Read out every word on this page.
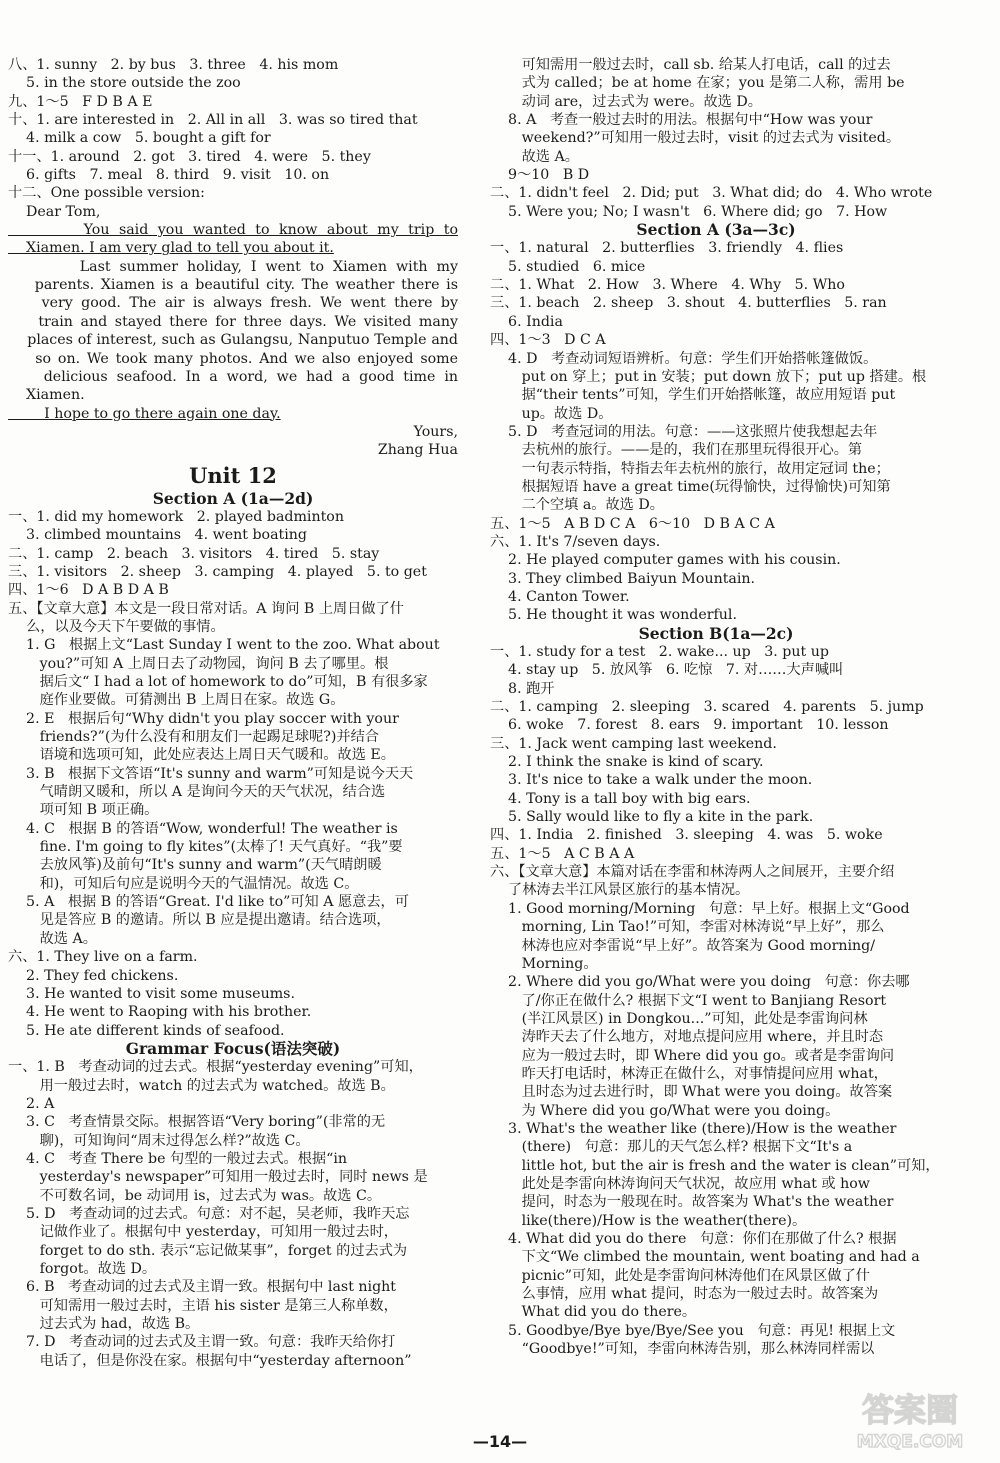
八、1. sunny   2. by bus   3. three   4. his mom
5. in the store outside the zoo
九、1～5   F D B A E
十、1. are interested in   2. All in all   3. was so tired that
4. milk a cow   5. bought a gift for
十一、1. around   2. got   3. tired   4. were   5. they
6. gifts   7. meal   8. third   9. visit   10. on
十二、One possible version:
Dear Tom,
You said you wanted to know about my trip to
Xiamen. I am very glad to tell you about it.
Last summer holiday, I went to Xiamen with my
parents. Xiamen is a beautiful city. The weather there is
very good. The air is always fresh. We went there by
train and stayed there for three days. We visited many
places of interest, such as Gulangsu, Nanputuo Temple and
so on. We took many photos. And we also enjoyed some
delicious seafood. In a word, we had a good time in
Xiamen.
I hope to go there again one day.
Yours,
Zhang Hua
Unit 12
Section A (1a—2d)
一、1. did my homework   2. played badminton
3. climbed mountains   4. went boating
二、1. camp   2. beach   3. visitors   4. tired   5. stay
三、1. visitors   2. sheep   3. camping   4. played   5. to get
四、1～6   D A B D A B
五、【文章大意】本文是一段日常对话。A 询问 B 上周日做了什
么，以及今天下午要做的事情。
1. G   根据上文“Last Sunday I went to the zoo. What about
you?”可知 A 上周日去了动物园，询问 B 去了哪里。根
据后文“ I had a lot of homework to do”可知，B 有很多家
庭作业要做。可猜测出 B 上周日在家。故选 G。
2. E   根据后句“Why didn't you play soccer with your
friends?”(为什么没有和朋友们一起踢足球呢?)并结合
语境和选项可知，此处应表达上周日天气暖和。故选 E。
3. B   根据下文答语“It's sunny and warm”可知是说今天天
气晴朗又暖和，所以 A 是询问今天的天气状况，结合选
项可知 B 项正确。
4. C   根据 B 的答语“Wow, wonderful! The weather is
fine. I'm going to fly kites”(太棒了! 天气真好。“我”要
去放风筝)及前句“It's sunny and warm”(天气晴朗暖
和)，可知后句应是说明今天的气温情况。故选 C。
5. A   根据 B 的答语“Great. I'd like to”可知 A 愿意去，可
见是答应 B 的邀请。所以 B 应是提出邀请。结合选项，
故选 A。
六、1. They live on a farm.
2. They fed chickens.
3. He wanted to visit some museums.
4. He went to Raoping with his brother.
5. He ate different kinds of seafood.
Grammar Focus(语法突破)
一、1. B   考查动词的过去式。根据“yesterday evening”可知，
用一般过去时，watch 的过去式为 watched。故选 B。
2. A
3. C   考查情景交际。根据答语“Very boring”(非常的无
聊)，可知询问“周末过得怎么样?”故选 C。
4. C   考查 There be 句型的一般过去式。根据“in
yesterday's newspaper”可知用一般过去时，同时 news 是
不可数名词，be 动词用 is，过去式为 was。故选 C。
5. D   考查动词的过去式。句意：对不起，吴老师，我昨天忘
记做作业了。根据句中 yesterday，可知用一般过去时，
forget to do sth. 表示“忘记做某事”，forget 的过去式为
forgot。故选 D。
6. B   考查动词的过去式及主谓一致。根据句中 last night
可知需用一般过去时，主语 his sister 是第三人称单数，
过去式为 had，故选 B。
7. D   考查动词的过去式及主谓一致。句意：我昨天给你打
电话了，但是你没在家。根据句中“yesterday afternoon”
可知需用一般过去时，call sb. 给某人打电话，call 的过去
式为 called；be at home 在家；you 是第二人称，需用 be
动词 are，过去式为 were。故选 D。
8. A   考查一般过去时的用法。根据句中“How was your
weekend?”可知用一般过去时，visit 的过去式为 visited。
故选 A。
9～10   B D
二、1. didn't feel   2. Did; put   3. What did; do   4. Who wrote
5. Were you; No; I wasn't   6. Where did; go   7. How
Section A (3a—3c)
一、1. natural   2. butterflies   3. friendly   4. flies
5. studied   6. mice
二、1. What   2. How   3. Where   4. Why   5. Who
三、1. beach   2. sheep   3. shout   4. butterflies   5. ran
6. India
四、1～3   D C A
4. D   考查动词短语辨析。句意：学生们开始搭帐篷做饭。
put on 穿上；put in 安装；put down 放下；put up 搭建。根
据“their tents”可知，学生们开始搭帐篷，故应用短语 put
up。故选 D。
5. D   考查冠词的用法。句意：——这张照片使我想起去年
去杭州的旅行。——是的，我们在那里玩得很开心。第
一句表示特指，特指去年去杭州的旅行，故用定冠词 the；
根据短语 have a great time(玩得愉快，过得愉快)可知第
二个空填 a。故选 D。
五、1～5   A B D C A   6～10   D B A C A
六、1. It's 7/seven days.
2. He played computer games with his cousin.
3. They climbed Baiyun Mountain.
4. Canton Tower.
5. He thought it was wonderful.
Section B(1a—2c)
一、1. study for a test   2. wake... up   3. put up
4. stay up   5. 放风筝   6. 吃惊   7. 对……大声喊叫
8. 跑开
二、1. camping   2. sleeping   3. scared   4. parents   5. jump
6. woke   7. forest   8. ears   9. important   10. lesson
三、1. Jack went camping last weekend.
2. I think the snake is kind of scary.
3. It's nice to take a walk under the moon.
4. Tony is a tall boy with big ears.
5. Sally would like to fly a kite in the park.
四、1. India   2. finished   3. sleeping   4. was   5. woke
五、1～5   A C B A A
六、【文章大意】本篇对话在李雷和林涛两人之间展开，主要介绍
了林涛去半江风景区旅行的基本情况。
1. Good morning/Morning   句意：早上好。根据上文“Good
morning, Lin Tao!”可知，李雷对林涛说“早上好”，那么
林涛也应对李雷说“早上好”。故答案为 Good morning/
Morning。
2. Where did you go/What were you doing   句意：你去哪
了/你正在做什么? 根据下文“I went to Banjiang Resort
(半江风景区) in Dongkou...”可知，此处是李雷询问林
涛昨天去了什么地方，对地点提问应用 where，并且时态
应为一般过去时，即 Where did you go。或者是李雷询问
昨天打电话时，林涛正在做什么，对事情提问应用 what，
且时态为过去进行时，即 What were you doing。故答案
为 Where did you go/What were you doing。
3. What's the weather like (there)/How is the weather
(there)   句意：那儿的天气怎么样? 根据下文“It's a
little hot, but the air is fresh and the water is clean”可知，
此处是李雷向林涛询问天气状况，故应用 what 或 how
提问，时态为一般现在时。故答案为 What's the weather
like(there)/How is the weather(there)。
4. What did you do there   句意：你们在那做了什么? 根据
下文“We climbed the mountain, went boating and had a
picnic”可知，此处是李雷询问林涛他们在风景区做了什
么事情，应用 what 提问，时态为一般过去时。故答案为
What did you do there。
5. Goodbye/Bye bye/Bye/See you   句意：再见! 根据上文
“Goodbye!”可知，李雷向林涛告别，那么林涛同样需以
—14—
答案圈
MXQE.COM
